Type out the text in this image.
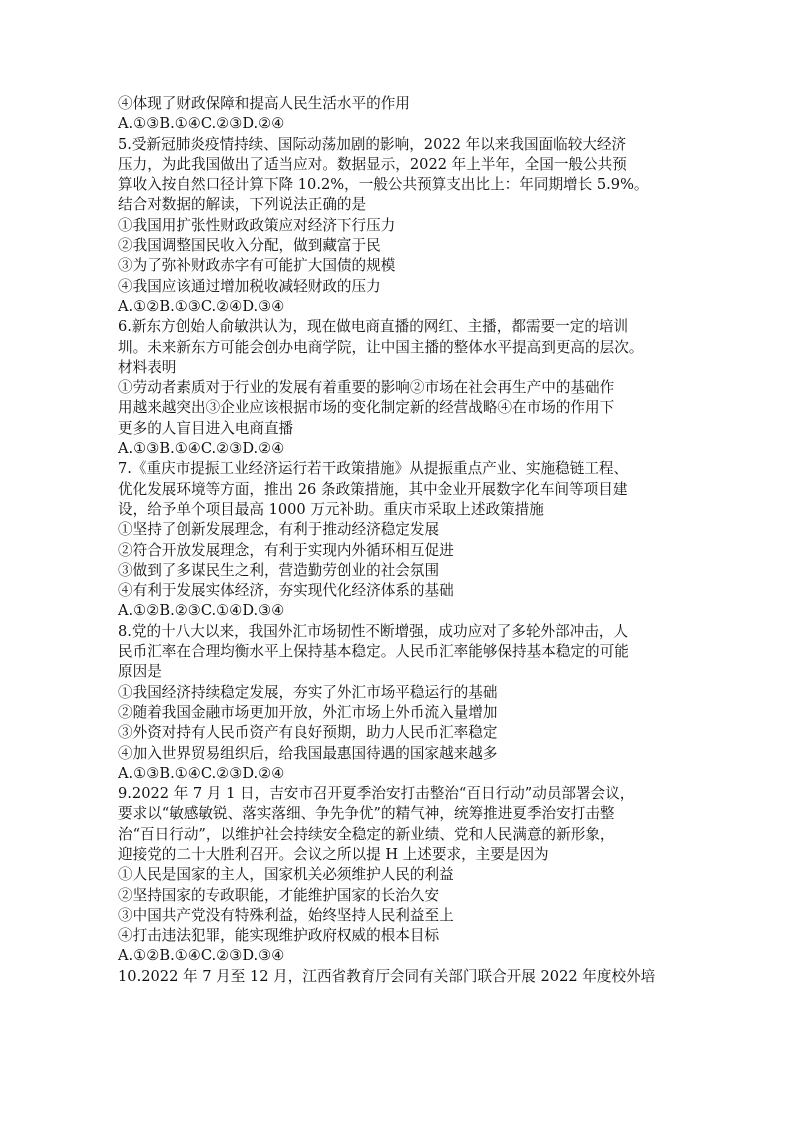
④体现了财政保障和提高人民生活水平的作用
A.①③B.①④C.②③D.②④
5.受新冠肺炎疫情持续、国际动荡加剧的影响，2022 年以来我国面临较大经济
压力，为此我国做出了适当应对。数据显示，2022 年上半年，全国一般公共预
算收入按自然口径计算下降 10.2%，一般公共预算支出比上：年同期增长 5.9%。
结合对数据的解读，下列说法正确的是
①我国用扩张性财政政策应对经济下行压力
②我国调整国民收入分配，做到藏富于民
③为了弥补财政赤字有可能扩大国债的规模
④我国应该通过增加税收减轻财政的压力
A.①②B.①③C.②④D.③④
6.新东方创始人俞敏洪认为，现在做电商直播的网红、主播，都需要一定的培训
圳。未来新东方可能会创办电商学院，让中国主播的整体水平提高到更高的层次。
材料表明
①劳动者素质对于行业的发展有着重要的影响②市场在社会再生产中的基础作
用越来越突出③企业应该根据市场的变化制定新的经营战略④在市场的作用下
更多的人盲目进入电商直播
A.①③B.①④C.②③D.②④
7.《重庆市提振工业经济运行若干政策措施》从提振重点产业、实施稳链工程、
优化发展环境等方面，推出 26 条政策措施，其中金业开展数字化车间等项目建
设，给予单个项目最高 1000 万元补助。重庆市采取上述政策措施
①坚持了创新发展理念，有利于推动经济稳定发展
②符合开放发展理念，有利于实现内外循环相互促进
③做到了多谋民生之利，营造勤劳创业的社会氛围
④有利于发展实体经济，夯实现代化经济体系的基础
A.①②B.②③C.①④D.③④
8.党的十八大以来，我国外汇市场韧性不断增强，成功应对了多轮外部冲击，人
民币汇率在合理均衡水平上保持基本稳定。人民币汇率能够保持基本稳定的可能
原因是
①我国经济持续稳定发展，夯实了外汇市场平稳运行的基础
②随着我国金融市场更加开放，外汇市场上外币流入量增加
③外资对持有人民币资产有良好预期，助力人民币汇率稳定
④加入世界贸易组织后，给我国最惠国待遇的国家越来越多
A.①③B.①④C.②③D.②④
9.2022 年 7 月 1 日，吉安市召开夏季治安打击整治“百日行动”动员部署会议，
要求以“敏感敏锐、落实落细、争先争优”的精气神，统筹推进夏季治安打击整
治“百日行动”，以维护社会持续安全稳定的新业绩、党和人民满意的新形象，
迎接党的二十大胜利召开。会议之所以提 H 上述要求，主要是因为
①人民是国家的主人，国家机关必须维护人民的利益
②坚持国家的专政职能，才能维护国家的长治久安
③中国共产党没有特殊利益，始终坚持人民利益至上
④打击违法犯罪，能实现维护政府权威的根本目标
A.①②B.①④C.②③D.③④
10.2022 年 7 月至 12 月，江西省教育厅会同有关部门联合开展 2022 年度校外培
